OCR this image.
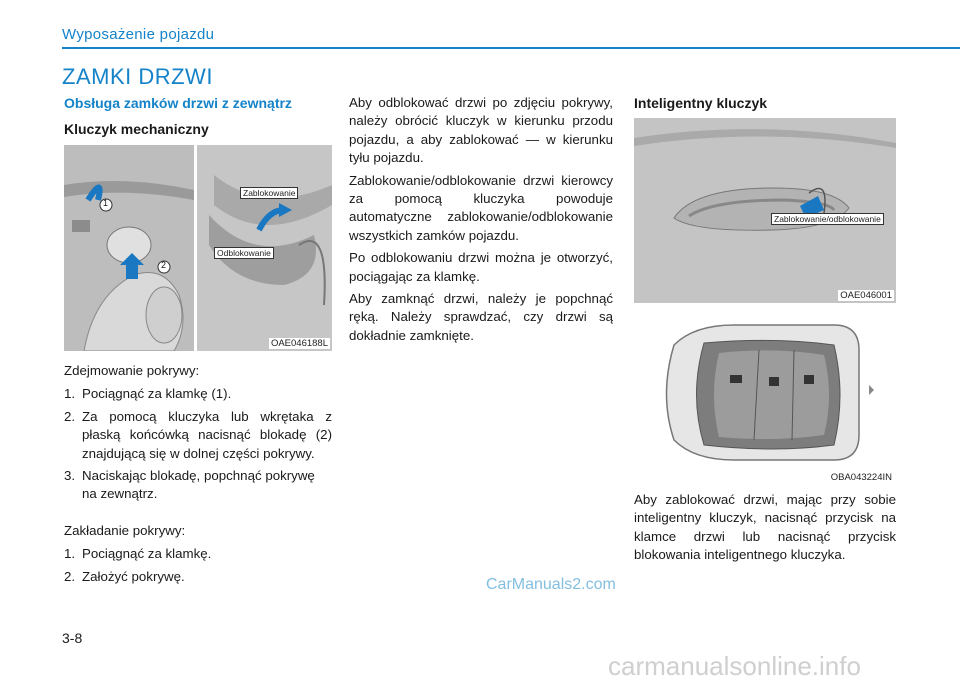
Wyposażenie pojazdu
ZAMKI DRZWI

Obsługa zamków drzwi z zewnątrz

Kluczyk mechaniczny

Zablokowanie
Odblokowanie
1
2
OAE046188L

Zdejmowanie pokrywy:

1. Pociągnąć za klamkę (1).
2. Za pomocą kluczyka lub wkrętaka z płaską końcówką nacisnąć blokadę (2) znajdującą się w dolnej części pokrywy.
3. Naciskając blokadę, popchnąć pokrywę na zewnątrz.

Zakładanie pokrywy:

1. Pociągnąć za klamkę.
2. Założyć pokrywę.

Aby odblokować drzwi po zdjęciu pokrywy, należy obrócić kluczyk w kierunku przodu pojazdu, a aby zablokować — w kierunku tyłu pojazdu.

Zablokowanie/odblokowanie drzwi kierowcy za pomocą kluczyka powoduje automatyczne zablokowanie/odblokowanie wszystkich zamków pojazdu.

Po odblokowaniu drzwi można je otworzyć, pociągając za klamkę.

Aby zamknąć drzwi, należy je popchnąć ręką. Należy sprawdzać, czy drzwi są dokładnie zamknięte.

Inteligentny kluczyk

Zablokowanie/odblokowanie
OAE046001
OBA043224IN

Aby zablokować drzwi, mając przy sobie inteligentny kluczyk, nacisnąć przycisk na klamce drzwi lub nacisnąć przycisk blokowania inteligentnego kluczyka.

CarManuals2.com
3-8
carmanualsonline.info
